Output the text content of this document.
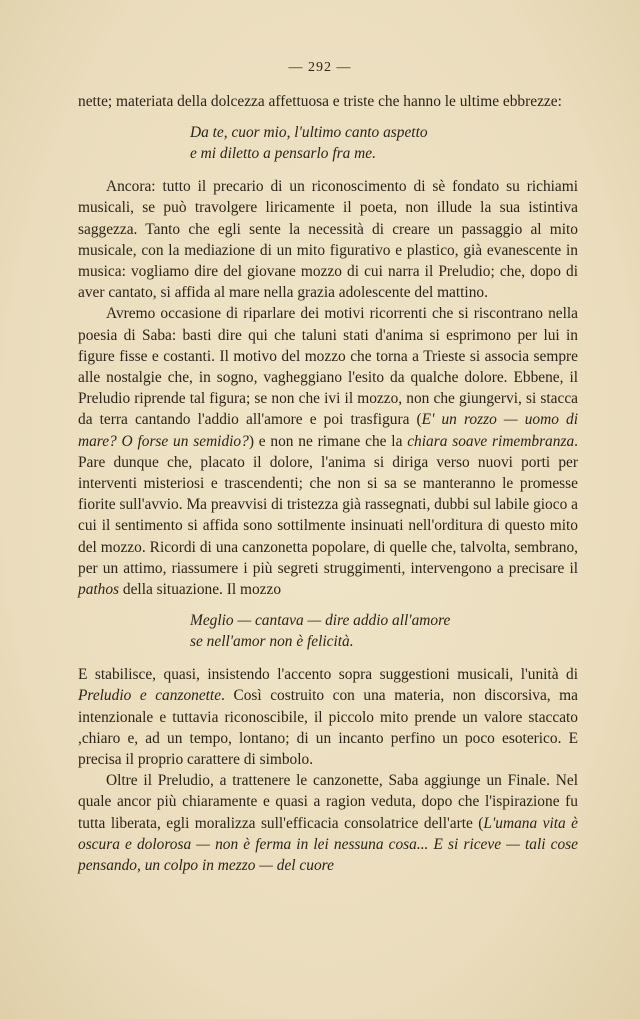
— 292 —

nette; materiata della dolcezza affettuosa e triste che hanno le ultime ebbrezze:

Da te, cuor mio, l'ultimo canto aspetto
e mi diletto a pensarlo fra me.

Ancora: tutto il precario di un riconoscimento di sè fondato su richiami musicali, se può travolgere liricamente il poeta, non illude la sua istintiva saggezza. Tanto che egli sente la necessità di creare un passaggio al mito musicale, con la mediazione di un mito figurativo e plastico, già evanescente in musica: vogliamo dire del giovane mozzo di cui narra il Preludio; che, dopo di aver cantato, si affida al mare nella grazia adolescente del mattino.

Avremo occasione di riparlare dei motivi ricorrenti che si riscontrano nella poesia di Saba: basti dire qui che taluni stati d'anima si esprimono per lui in figure fisse e costanti. Il motivo del mozzo che torna a Trieste si associa sempre alle nostalgie che, in sogno, vagheggiano l'esito da qualche dolore. Ebbene, il Preludio riprende tal figura; se non che ivi il mozzo, non che giungervi, si stacca da terra cantando l'addio all'amore e poi trasfigura (E' un rozzo — uomo di mare? O forse un semidio?) e non ne rimane che la chiara soave rimembranza. Pare dunque che, placato il dolore, l'anima si diriga verso nuovi porti per interventi misteriosi e trascendenti; che non si sa se manteranno le promesse fiorite sull'avvio. Ma preavvisi di tristezza già rassegnati, dubbi sul labile gioco a cui il sentimento si affida sono sottilmente insinuati nell'orditura di questo mito del mozzo. Ricordi di una canzonetta popolare, di quelle che, talvolta, sembrano, per un attimo, riassumere i più segreti struggimenti, intervengono a precisare il pathos della situazione. Il mozzo

Meglio — cantava — dire addio all'amore
se nell'amor non è felicità.

E stabilisce, quasi, insistendo l'accento sopra suggestioni musicali, l'unità di Preludio e canzonette. Così costruito con una materia, non discorsiva, ma intenzionale e tuttavia riconoscibile, il piccolo mito prende un valore staccato ,chiaro e, ad un tempo, lontano; di un incanto perfino un poco esoterico. E precisa il proprio carattere di simbolo.

Oltre il Preludio, a trattenere le canzonette, Saba aggiunge un Finale. Nel quale ancor più chiaramente e quasi a ragion veduta, dopo che l'ispirazione fu tutta liberata, egli moralizza sull'efficacia consolatrice dell'arte (L'umana vita è oscura e dolorosa — non è ferma in lei nessuna cosa... E si riceve — tali cose pensando, un colpo in mezzo — del cuore
